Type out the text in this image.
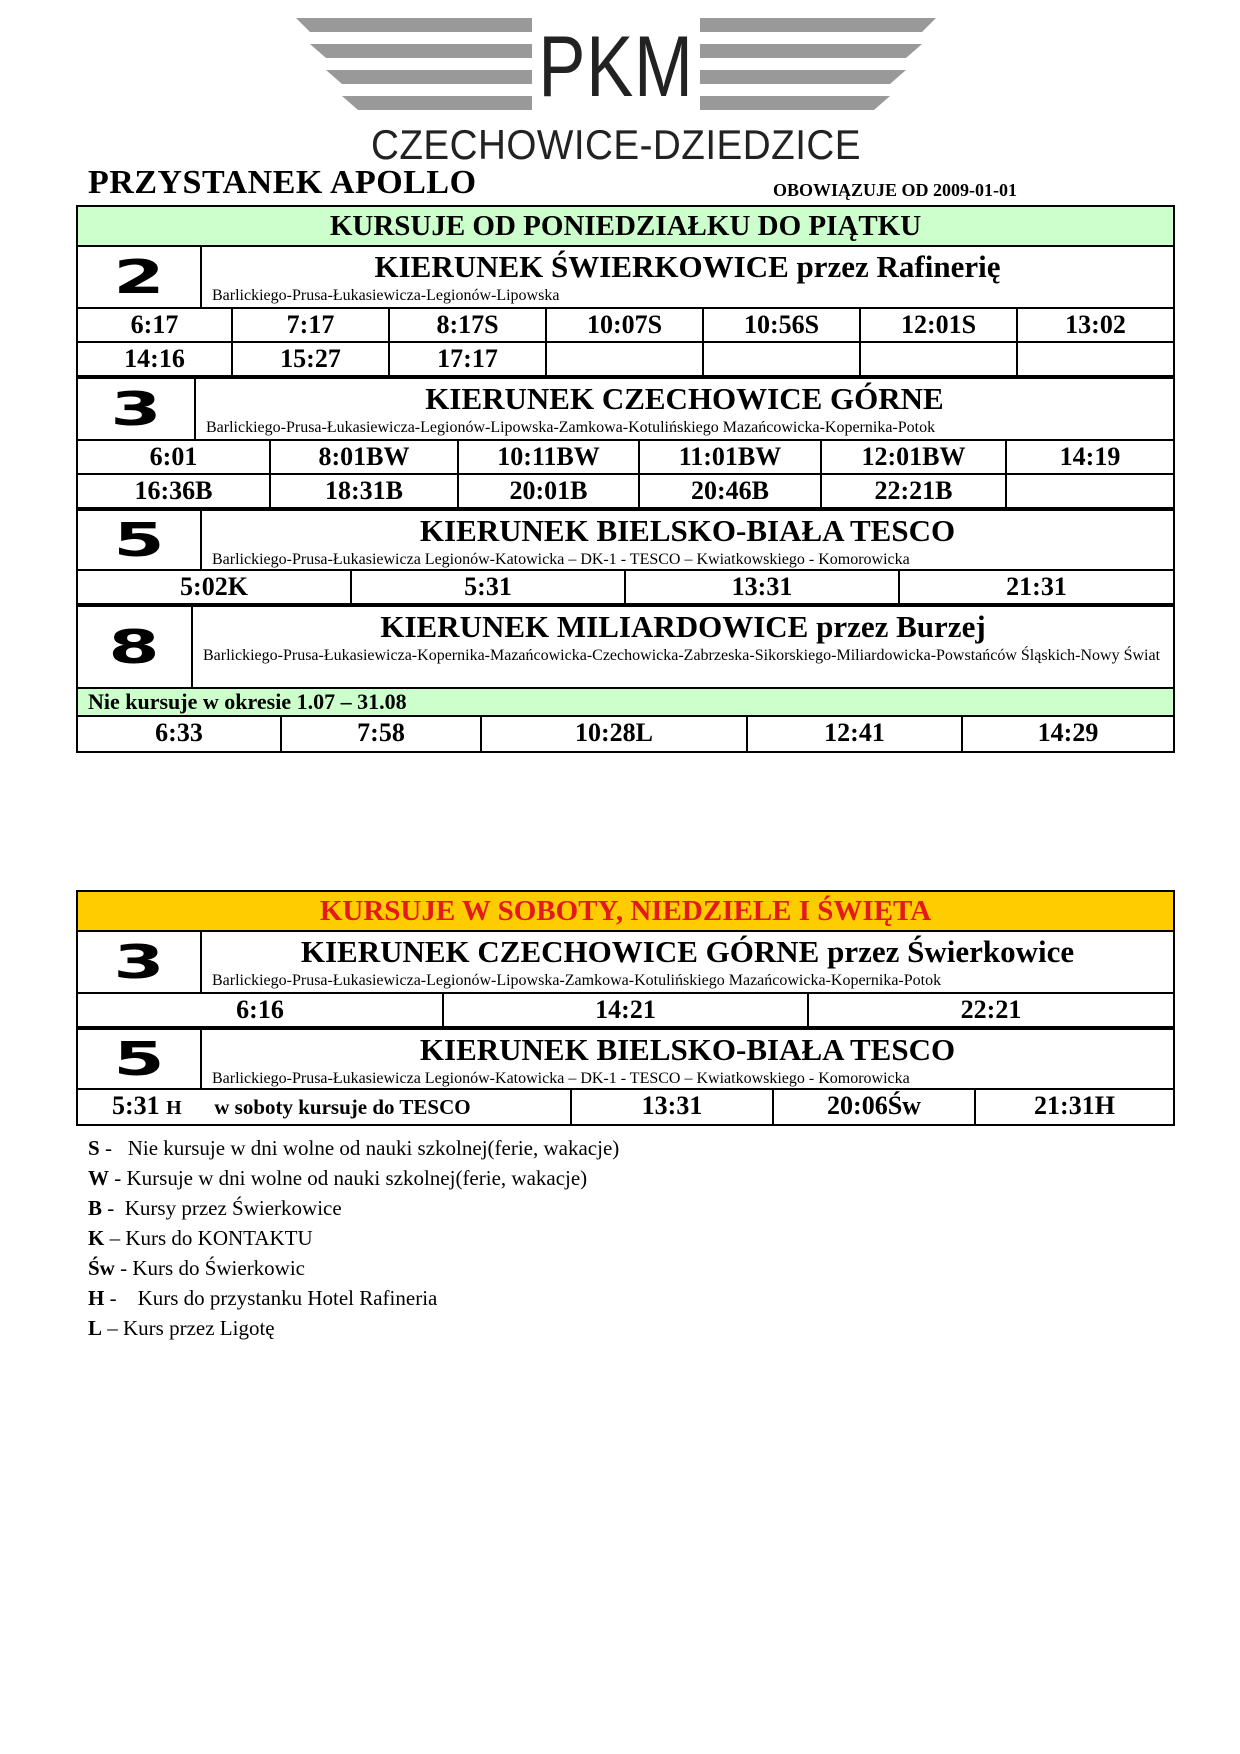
PKM
CZECHOWICE-DZIEDZICE
PRZYSTANEK APOLLO	OBOWIĄZUJE OD 2009-01-01
KURSUJE OD PONIEDZIAŁKU DO PIĄTKU
2	KIERUNEK ŚWIERKOWICE przez Rafinerię
Barlickiego-Prusa-Łukasiewicza-Legionów-Lipowska
6:17	7:17	8:17S	10:07S	10:56S	12:01S	13:02
14:16	15:27	17:17
3	KIERUNEK CZECHOWICE GÓRNE
Barlickiego-Prusa-Łukasiewicza-Legionów-Lipowska-Zamkowa-Kotulińskiego Mazańcowicka-Kopernika-Potok
6:01	8:01BW	10:11BW	11:01BW	12:01BW	14:19
16:36B	18:31B	20:01B	20:46B	22:21B
5	KIERUNEK BIELSKO-BIAŁA TESCO
Barlickiego-Prusa-Łukasiewicza Legionów-Katowicka – DK-1 - TESCO – Kwiatkowskiego - Komorowicka
5:02K	5:31	13:31	21:31
8	KIERUNEK MILIARDOWICE przez Burzej
Barlickiego-Prusa-Łukasiewicza-Kopernika-Mazańcowicka-Czechowicka-Zabrzeska-Sikorskiego-Miliardowicka-Powstańców Śląskich-Nowy Świat
Nie kursuje w okresie 1.07 – 31.08
6:33	7:58	10:28L	12:41	14:29
KURSUJE W SOBOTY, NIEDZIELE I ŚWIĘTA
3	KIERUNEK CZECHOWICE GÓRNE przez Świerkowice
Barlickiego-Prusa-Łukasiewicza-Legionów-Lipowska-Zamkowa-Kotulińskiego Mazańcowicka-Kopernika-Potok
6:16	14:21	22:21
5	KIERUNEK BIELSKO-BIAŁA TESCO
Barlickiego-Prusa-Łukasiewicza Legionów-Katowicka – DK-1 - TESCO – Kwiatkowskiego - Komorowicka
5:31 H w soboty kursuje do TESCO	13:31	20:06Św	21:31H
S -   Nie kursuje w dni wolne od nauki szkolnej(ferie, wakacje)
W - Kursuje w dni wolne od nauki szkolnej(ferie, wakacje)
B -  Kursy przez Świerkowice
K – Kurs do KONTAKTU
Św - Kurs do Świerkowic
H -    Kurs do przystanku Hotel Rafineria
L – Kurs przez Ligotę
